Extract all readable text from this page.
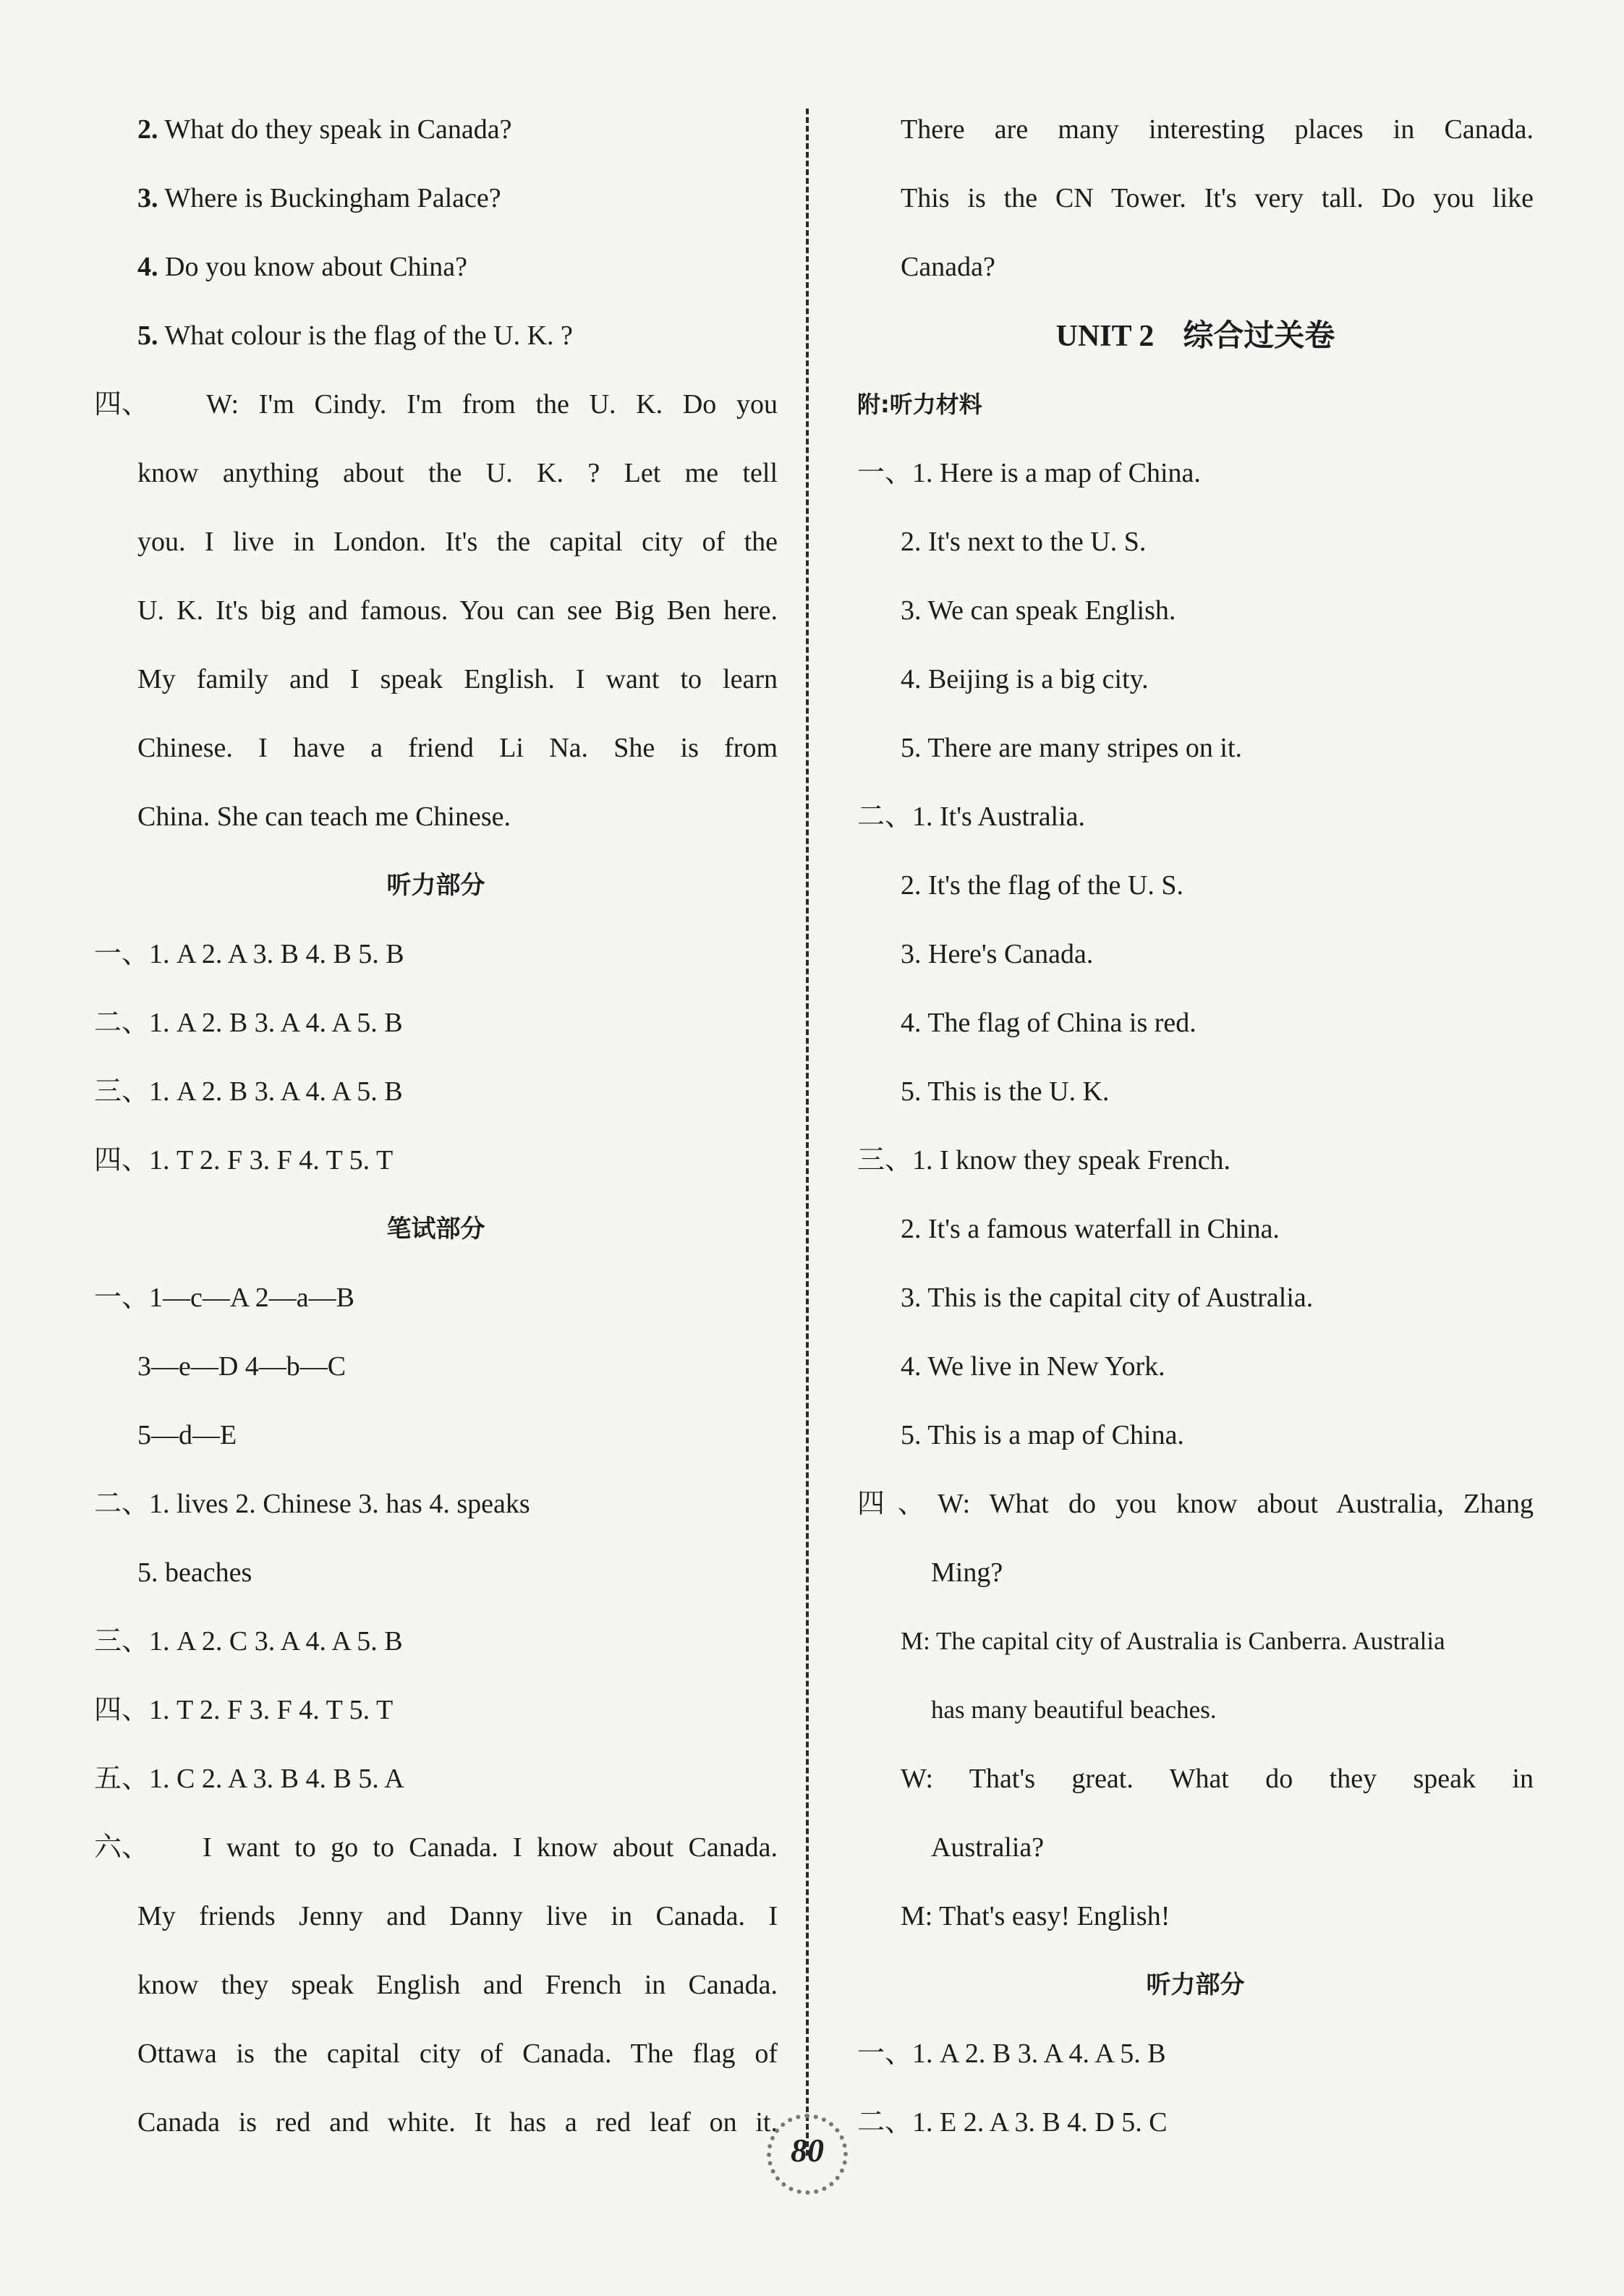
2. What do they speak in Canada?
3. Where is Buckingham Palace?
4. Do you know about China?
5. What colour is the flag of the U. K. ?
四、 W: I'm Cindy. I'm from the U. K. Do you
know anything about the U. K. ? Let me tell
you. I live in London. It's the capital city of the
U. K. It's big and famous. You can see Big Ben here.
My family and I speak English. I want to learn
Chinese. I have a friend Li Na. She is from
China. She can teach me Chinese.
听力部分
一、1. A 2. A 3. B 4. B 5. B
二、1. A 2. B 3. A 4. A 5. B
三、1. A 2. B 3. A 4. A 5. B
四、1. T 2. F 3. F 4. T 5. T
笔试部分
一、1—c—A 2—a—B
3—e—D 4—b—C
5—d—E
二、1. lives 2. Chinese 3. has 4. speaks
5. beaches
三、1. A 2. C 3. A 4. A 5. B
四、1. T 2. F 3. F 4. T 5. T
五、1. C 2. A 3. B 4. B 5. A
六、 I want to go to Canada. I know about Canada.
My friends Jenny and Danny live in Canada. I
know they speak English and French in Canada.
Ottawa is the capital city of Canada. The flag of
Canada is red and white. It has a red leaf on it.
There are many interesting places in Canada.
This is the CN Tower. It's very tall. Do you like
Canada?
UNIT 2 综合过关卷
附:听力材料
一、1. Here is a map of China.
2. It's next to the U. S.
3. We can speak English.
4. Beijing is a big city.
5. There are many stripes on it.
二、1. It's Australia.
2. It's the flag of the U. S.
3. Here's Canada.
4. The flag of China is red.
5. This is the U. K.
三、1. I know they speak French.
2. It's a famous waterfall in China.
3. This is the capital city of Australia.
4. We live in New York.
5. This is a map of China.
四、W: What do you know about Australia, Zhang
Ming?
M: The capital city of Australia is Canberra. Australia
has many beautiful beaches.
W: That's great. What do they speak in
Australia?
M: That's easy! English!
听力部分
一、1. A 2. B 3. A 4. A 5. B
二、1. E 2. A 3. B 4. D 5. C
80
